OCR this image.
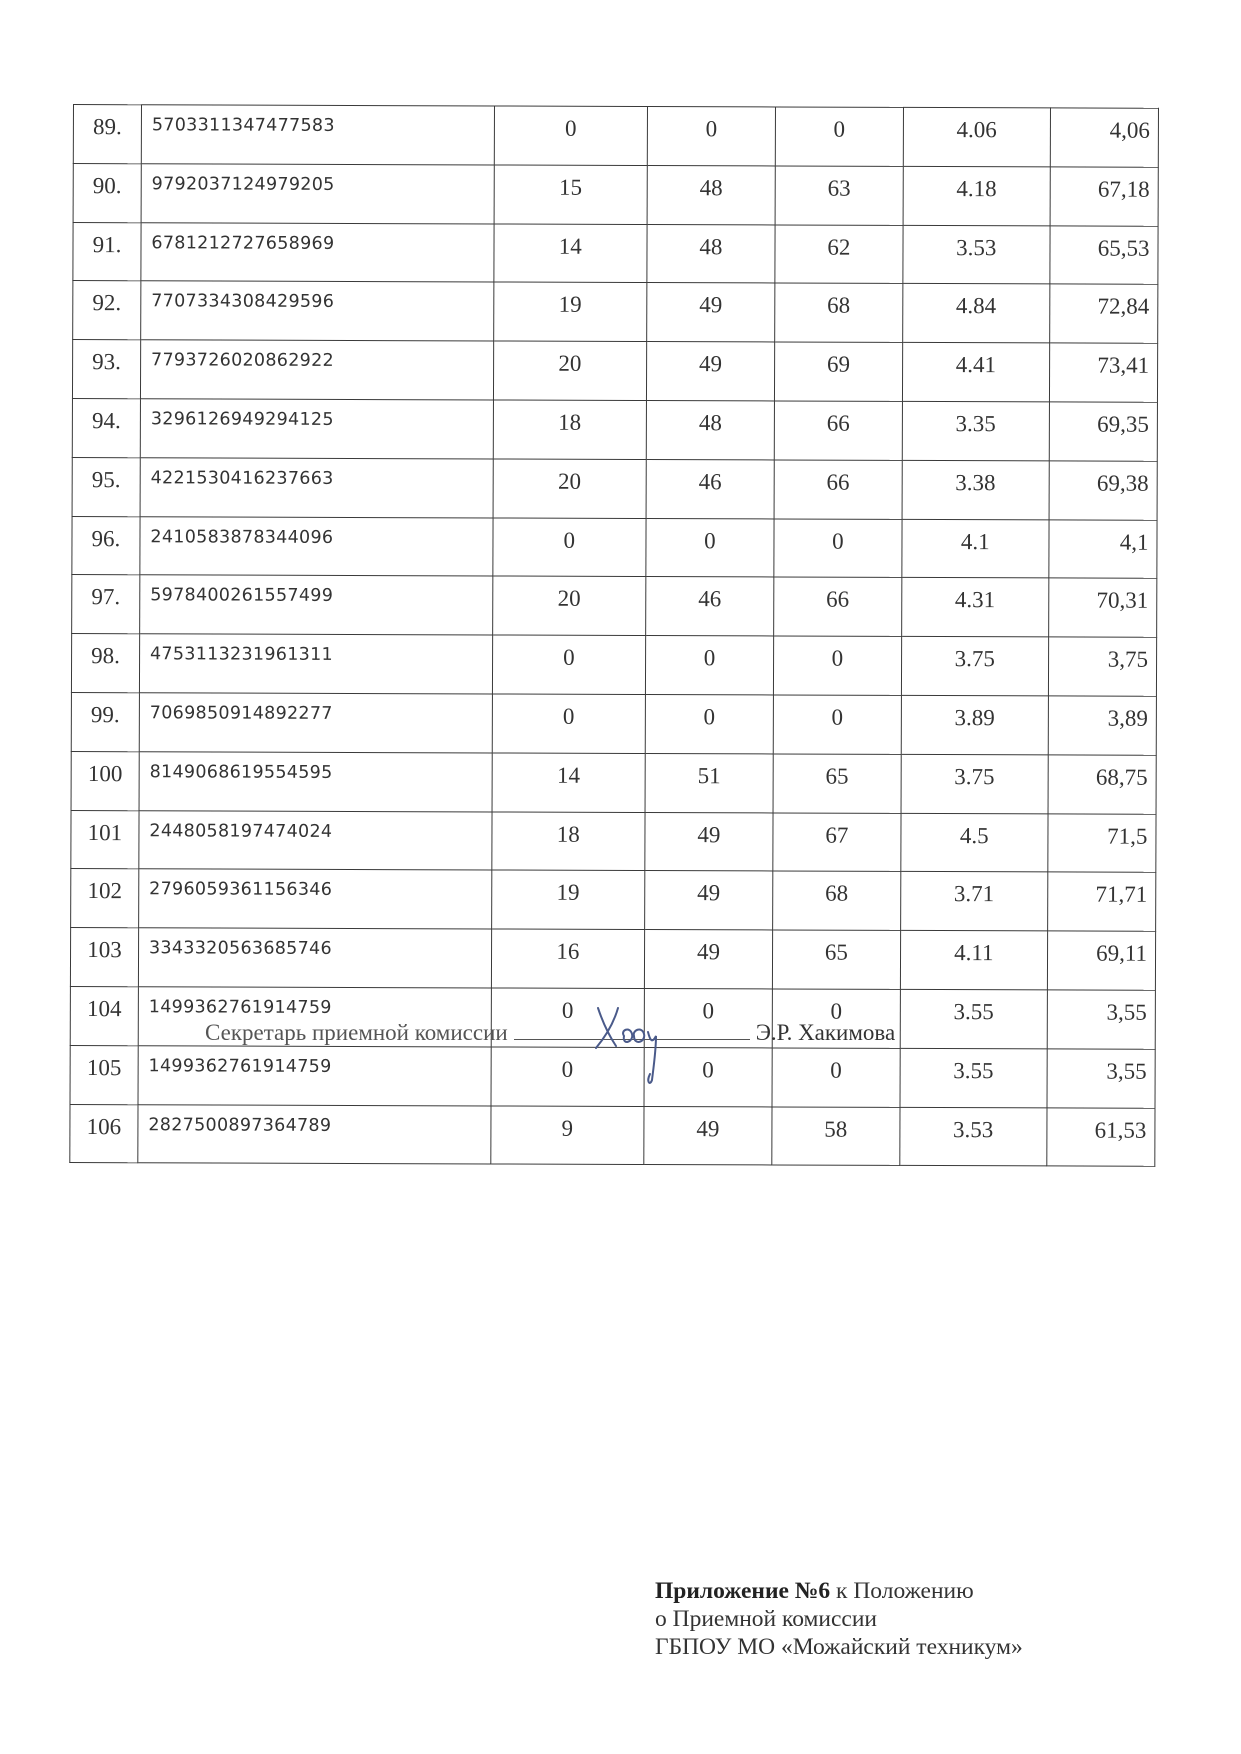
89.	5703311347477583	0	0	0	4.06	4,06
90.	9792037124979205	15	48	63	4.18	67,18
91.	6781212727658969	14	48	62	3.53	65,53
92.	7707334308429596	19	49	68	4.84	72,84
93.	7793726020862922	20	49	69	4.41	73,41
94.	3296126949294125	18	48	66	3.35	69,35
95.	4221530416237663	20	46	66	3.38	69,38
96.	2410583878344096	0	0	0	4.1	4,1
97.	5978400261557499	20	46	66	4.31	70,31
98.	4753113231961311	0	0	0	3.75	3,75
99.	7069850914892277	0	0	0	3.89	3,89
100	8149068619554595	14	51	65	3.75	68,75
101	2448058197474024	18	49	67	4.5	71,5
102	2796059361156346	19	49	68	3.71	71,71
103	3343320563685746	16	49	65	4.11	69,11
104	1499362761914759	0	0	0	3.55	3,55
105	1499362761914759	0	0	0	3.55	3,55
106	2827500897364789	9	49	58	3.53	61,53
Секретарь приемной комиссии	Э.Р. Хакимова
Приложение №6 к Положению
о Приемной комиссии
ГБПОУ МО «Можайский техникум»
